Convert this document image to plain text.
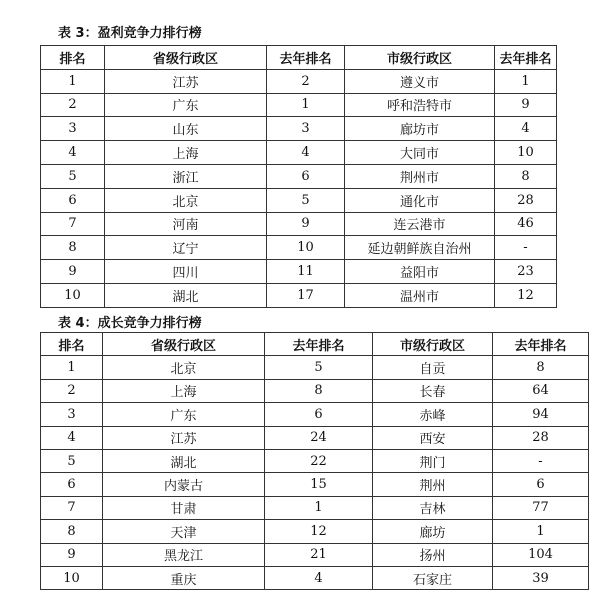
表 3：盈利竞争力排行榜
排名	省级行政区	去年排名	市级行政区	去年排名
1	江苏	2	遵义市	1
2	广东	1	呼和浩特市	9
3	山东	3	廊坊市	4
4	上海	4	大同市	10
5	浙江	6	荆州市	8
6	北京	5	通化市	28
7	河南	9	连云港市	46
8	辽宁	10	延边朝鲜族自治州	-
9	四川	11	益阳市	23
10	湖北	17	温州市	12
表 4：成长竞争力排行榜
排名	省级行政区	去年排名	市级行政区	去年排名
1	北京	5	自贡	8
2	上海	8	长春	64
3	广东	6	赤峰	94
4	江苏	24	西安	28
5	湖北	22	荆门	-
6	内蒙古	15	荆州	6
7	甘肃	1	吉林	77
8	天津	12	廊坊	1
9	黑龙江	21	扬州	104
10	重庆	4	石家庄	39
